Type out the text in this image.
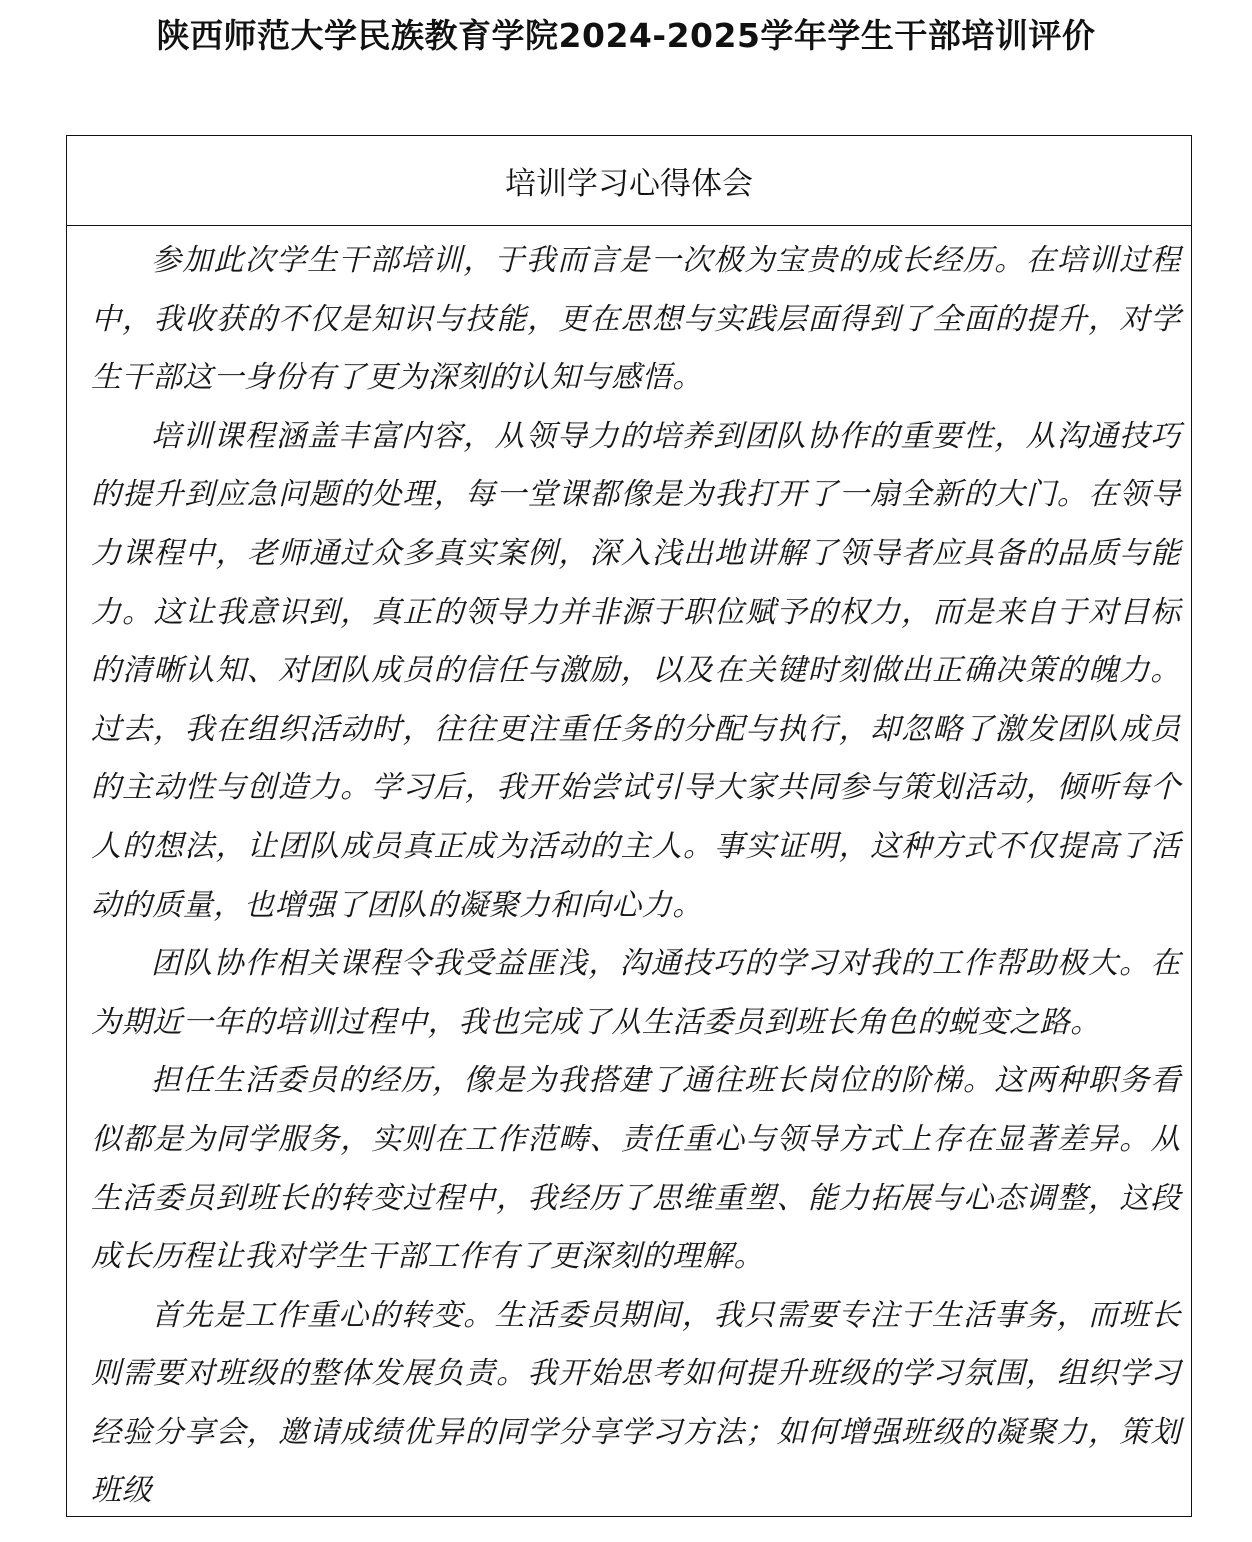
陕西师范大学民族教育学院2024-2025学年学生干部培训评价
培训学习心得体会

参加此次学生干部培训，于我而言是一次极为宝贵的成长经历。在培训过程中，我收获的不仅是知识与技能，更在思想与实践层面得到了全面的提升，对学生干部这一身份有了更为深刻的认知与感悟。

培训课程涵盖丰富内容，从领导力的培养到团队协作的重要性，从沟通技巧的提升到应急问题的处理，每一堂课都像是为我打开了一扇全新的大门。在领导力课程中，老师通过众多真实案例，深入浅出地讲解了领导者应具备的品质与能力。这让我意识到，真正的领导力并非源于职位赋予的权力，而是来自于对目标的清晰认知、对团队成员的信任与激励，以及在关键时刻做出正确决策的魄力。过去，我在组织活动时，往往更注重任务的分配与执行，却忽略了激发团队成员的主动性与创造力。学习后，我开始尝试引导大家共同参与策划活动，倾听每个人的想法，让团队成员真正成为活动的主人。事实证明，这种方式不仅提高了活动的质量，也增强了团队的凝聚力和向心力。

团队协作相关课程令我受益匪浅，沟通技巧的学习对我的工作帮助极大。在为期近一年的培训过程中，我也完成了从生活委员到班长角色的蜕变之路。

担任生活委员的经历，像是为我搭建了通往班长岗位的阶梯。这两种职务看似都是为同学服务，实则在工作范畴、责任重心与领导方式上存在显著差异。从生活委员到班长的转变过程中，我经历了思维重塑、能力拓展与心态调整，这段成长历程让我对学生干部工作有了更深刻的理解。

首先是工作重心的转变。生活委员期间，我只需要专注于生活事务，而班长则需要对班级的整体发展负责。我开始思考如何提升班级的学习氛围，组织学习经验分享会，邀请成绩优异的同学分享学习方法；如何增强班级的凝聚力，策划班级
